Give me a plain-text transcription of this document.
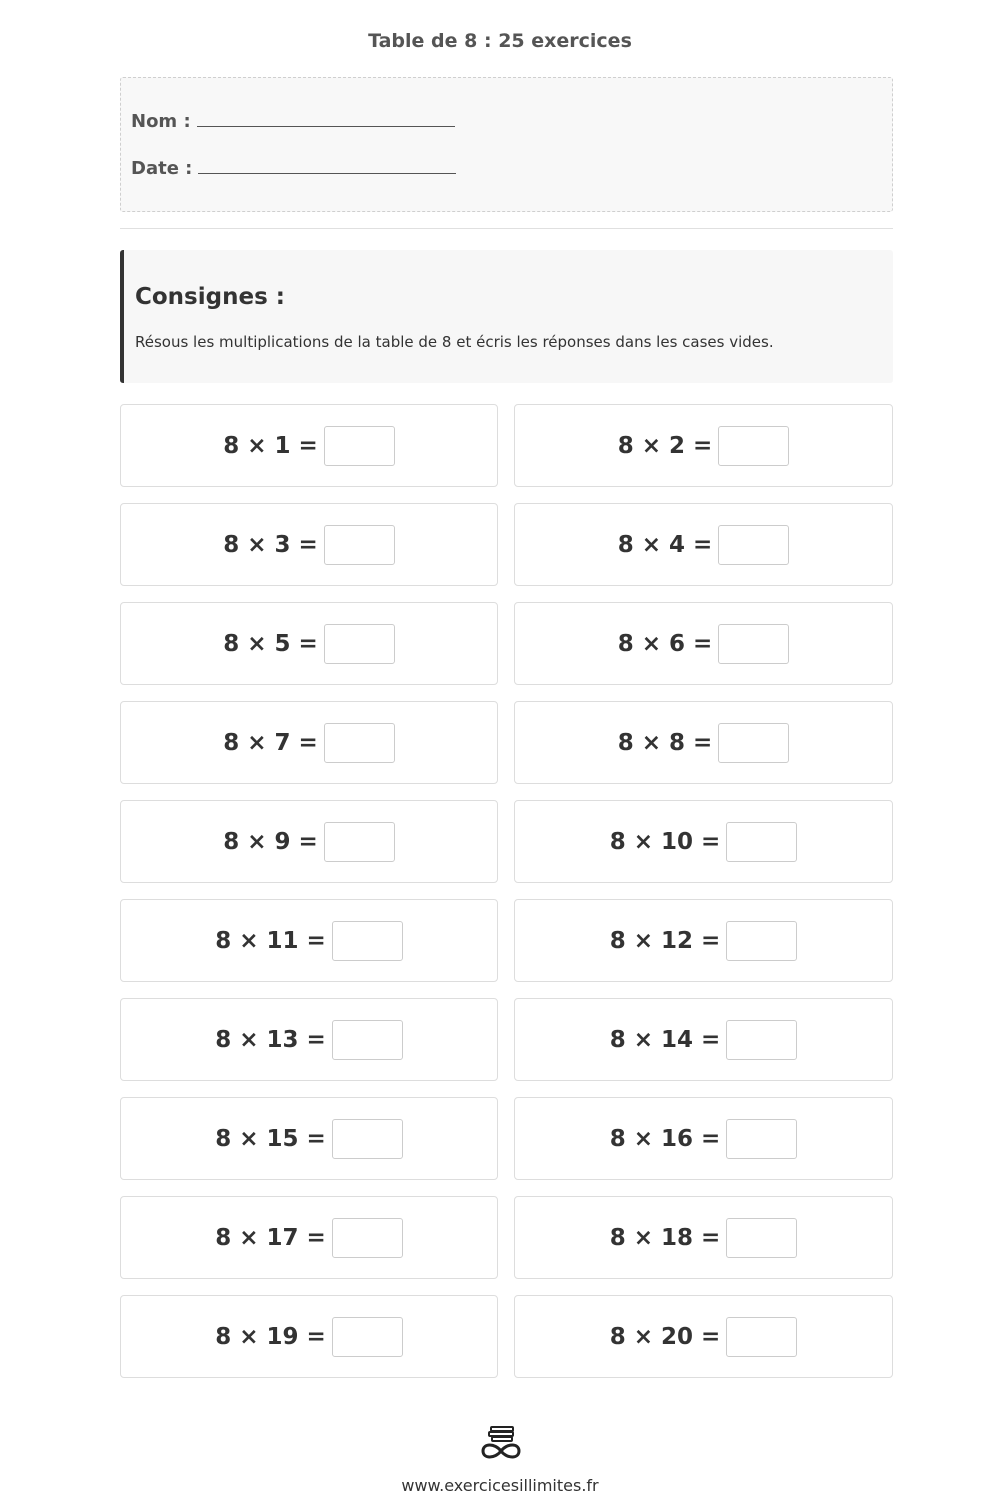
Table de 8 : 25 exercices
Nom :
Date :
Consignes :
Résous les multiplications de la table de 8 et écris les réponses dans les cases vides.
8 × 1 =	8 × 2 =
8 × 3 =	8 × 4 =
8 × 5 =	8 × 6 =
8 × 7 =	8 × 8 =
8 × 9 =	8 × 10 =
8 × 11 =	8 × 12 =
8 × 13 =	8 × 14 =
8 × 15 =	8 × 16 =
8 × 17 =	8 × 18 =
8 × 19 =	8 × 20 =
www.exercicesillimites.fr
